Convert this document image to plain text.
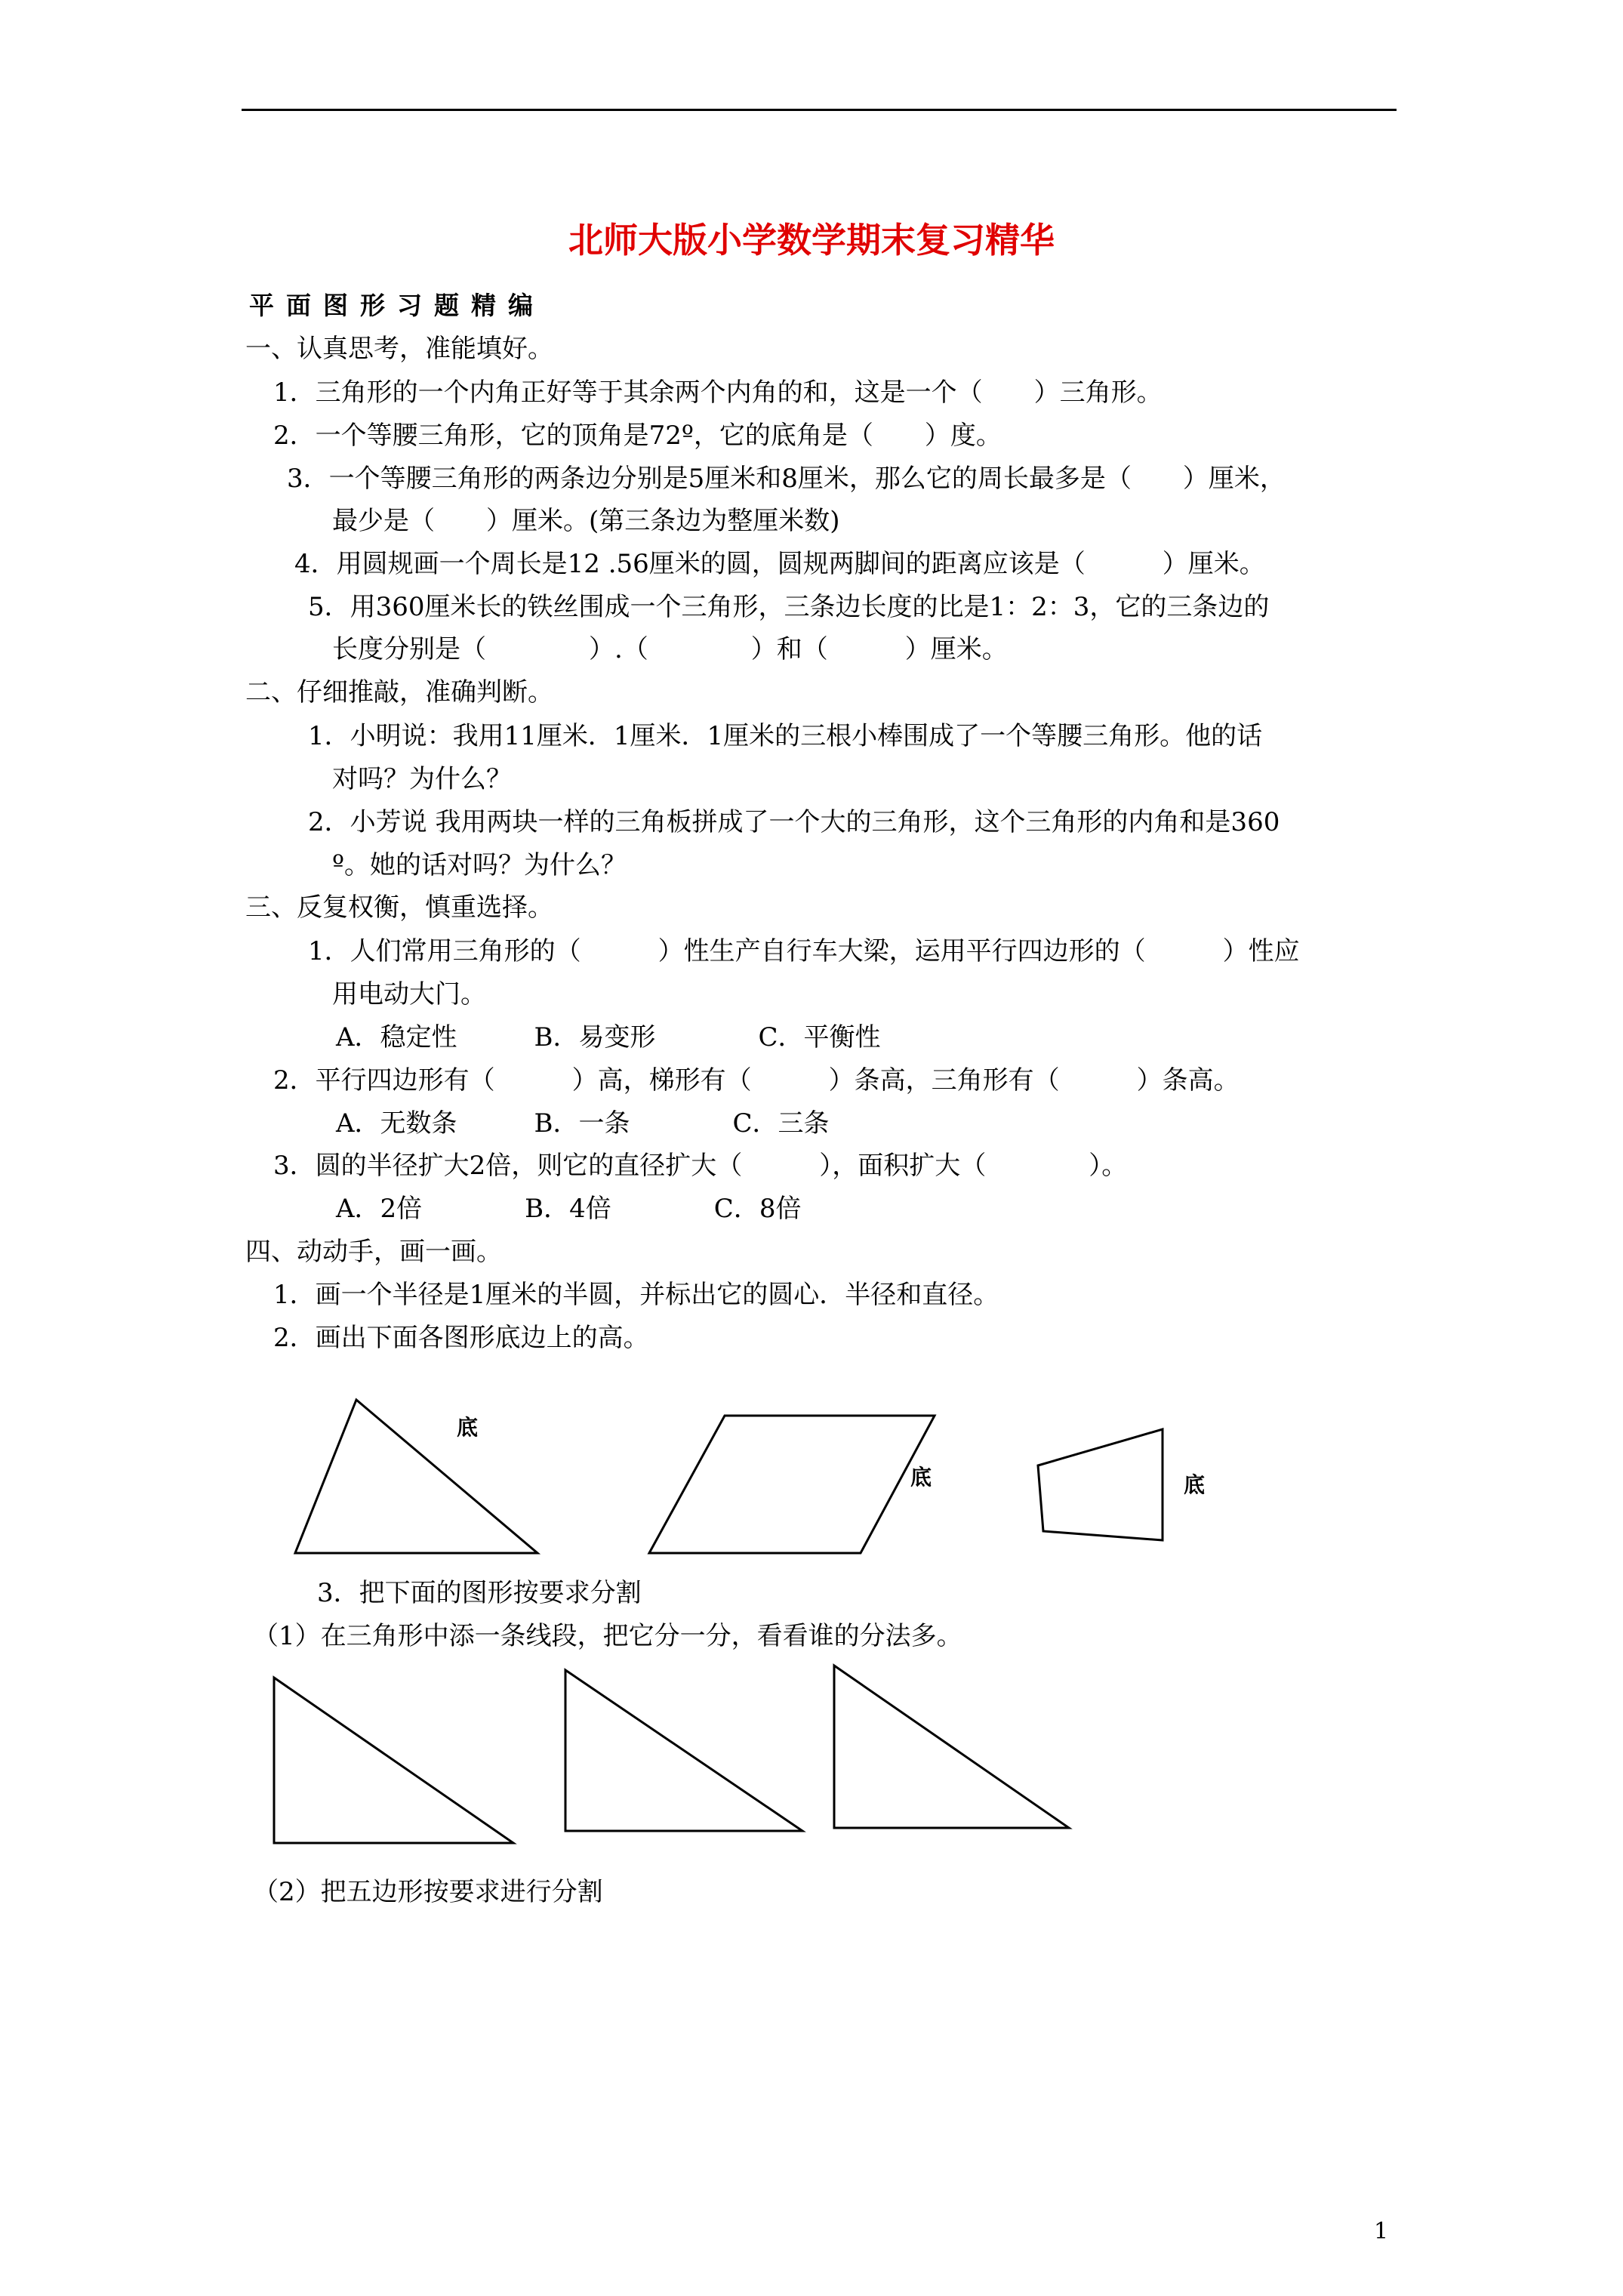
北师大版小学数学期末复习精华
平面图形习题精编
一、认真思考，准能填好。
1．三角形的一个内角正好等于其余两个内角的和，这是一个（　　）三角形。
2．一个等腰三角形，它的顶角是72º，它的底角是（　　）度。
3．一个等腰三角形的两条边分别是5厘米和8厘米，那么它的周长最多是（　　）厘米，
最少是（　　）厘米。(第三条边为整厘米数)
4．用圆规画一个周长是12 .56厘米的圆，圆规两脚间的距离应该是（　　　）厘米。
5．用360厘米长的铁丝围成一个三角形，三条边长度的比是1：2：3，它的三条边的
长度分别是（　　　　）.（　　　　）和（　　　）厘米。
二、仔细推敲，准确判断。
1．小明说：我用11厘米．1厘米．1厘米的三根小棒围成了一个等腰三角形。他的话
对吗？为什么？
2．小芳说 我用两块一样的三角板拼成了一个大的三角形，这个三角形的内角和是360
º。她的话对吗？为什么？
三、反复权衡，慎重选择。
1．人们常用三角形的（　　　）性生产自行车大梁，运用平行四边形的（　　　）性应
用电动大门。
A．稳定性　　　B．易变形　　　　C．平衡性
2．平行四边形有（　　　）高，梯形有（　　　）条高，三角形有（　　　）条高。
A．无数条　　　B．一条　　　　C．三条
3．圆的半径扩大2倍，则它的直径扩大（　　　），面积扩大（　　　　）。
A．2倍　　　　B．4倍　　　　C．8倍
四、动动手，画一画。
1．画一个半径是1厘米的半圆，并标出它的圆心．半径和直径。
2．画出下面各图形底边上的高。
底
底	底
3．把下面的图形按要求分割
（1）在三角形中添一条线段，把它分一分，看看谁的分法多。
（2）把五边形按要求进行分割
1
